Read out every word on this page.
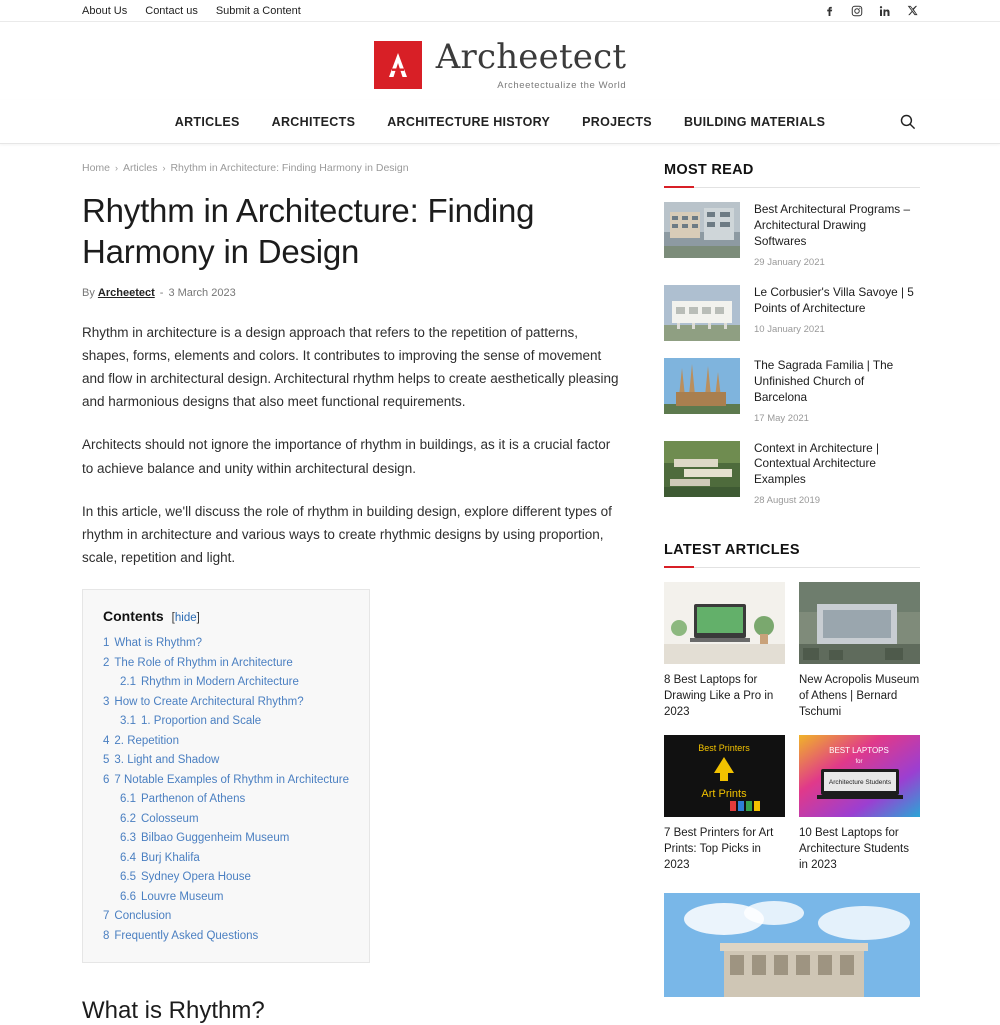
About Us Contact us Submit a Content
Archeetect
Archeetectualize the World
ARTICLES	ARCHITECTS	ARCHITECTURE HISTORY	PROJECTS	BUILDING MATERIALS
Home › Articles › Rhythm in Architecture: Finding Harmony in Design
Rhythm in Architecture: Finding Harmony in Design
By Archeetect - 3 March 2023

Rhythm in architecture is a design approach that refers to the repetition of patterns, shapes, forms, elements and colors. It contributes to improving the sense of movement and flow in architectural design. Architectural rhythm helps to create aesthetically pleasing and harmonious designs that also meet functional requirements.

Architects should not ignore the importance of rhythm in buildings, as it is a crucial factor to achieve balance and unity within architectural design.

In this article, we'll discuss the role of rhythm in building design, explore different types of rhythm in architecture and various ways to create rhythmic designs by using proportion, scale, repetition and light.

Contents [hide]
1 What is Rhythm?
2 The Role of Rhythm in Architecture
2.1 Rhythm in Modern Architecture
3 How to Create Architectural Rhythm?
3.1 1. Proportion and Scale
4 2. Repetition
5 3. Light and Shadow
6 7 Notable Examples of Rhythm in Architecture
6.1 Parthenon of Athens
6.2 Colosseum
6.3 Bilbao Guggenheim Museum
6.4 Burj Khalifa
6.5 Sydney Opera House
6.6 Louvre Museum
7 Conclusion
8 Frequently Asked Questions
What is Rhythm?
MOST READ
Best Architectural Programs – Architectural Drawing Softwares
29 January 2021
Le Corbusier's Villa Savoye | 5 Points of Architecture
10 January 2021
The Sagrada Familia | The Unfinished Church of Barcelona
17 May 2021
Context in Architecture | Contextual Architecture Examples
28 August 2019
LATEST ARTICLES
8 Best Laptops for Drawing Like a Pro in 2023
New Acropolis Museum of Athens | Bernard Tschumi
Best Printers
Art Prints
7 Best Printers for Art Prints: Top Picks in 2023
BEST LAPTOPS
for
Architecture Students
10 Best Laptops for Architecture Students in 2023
